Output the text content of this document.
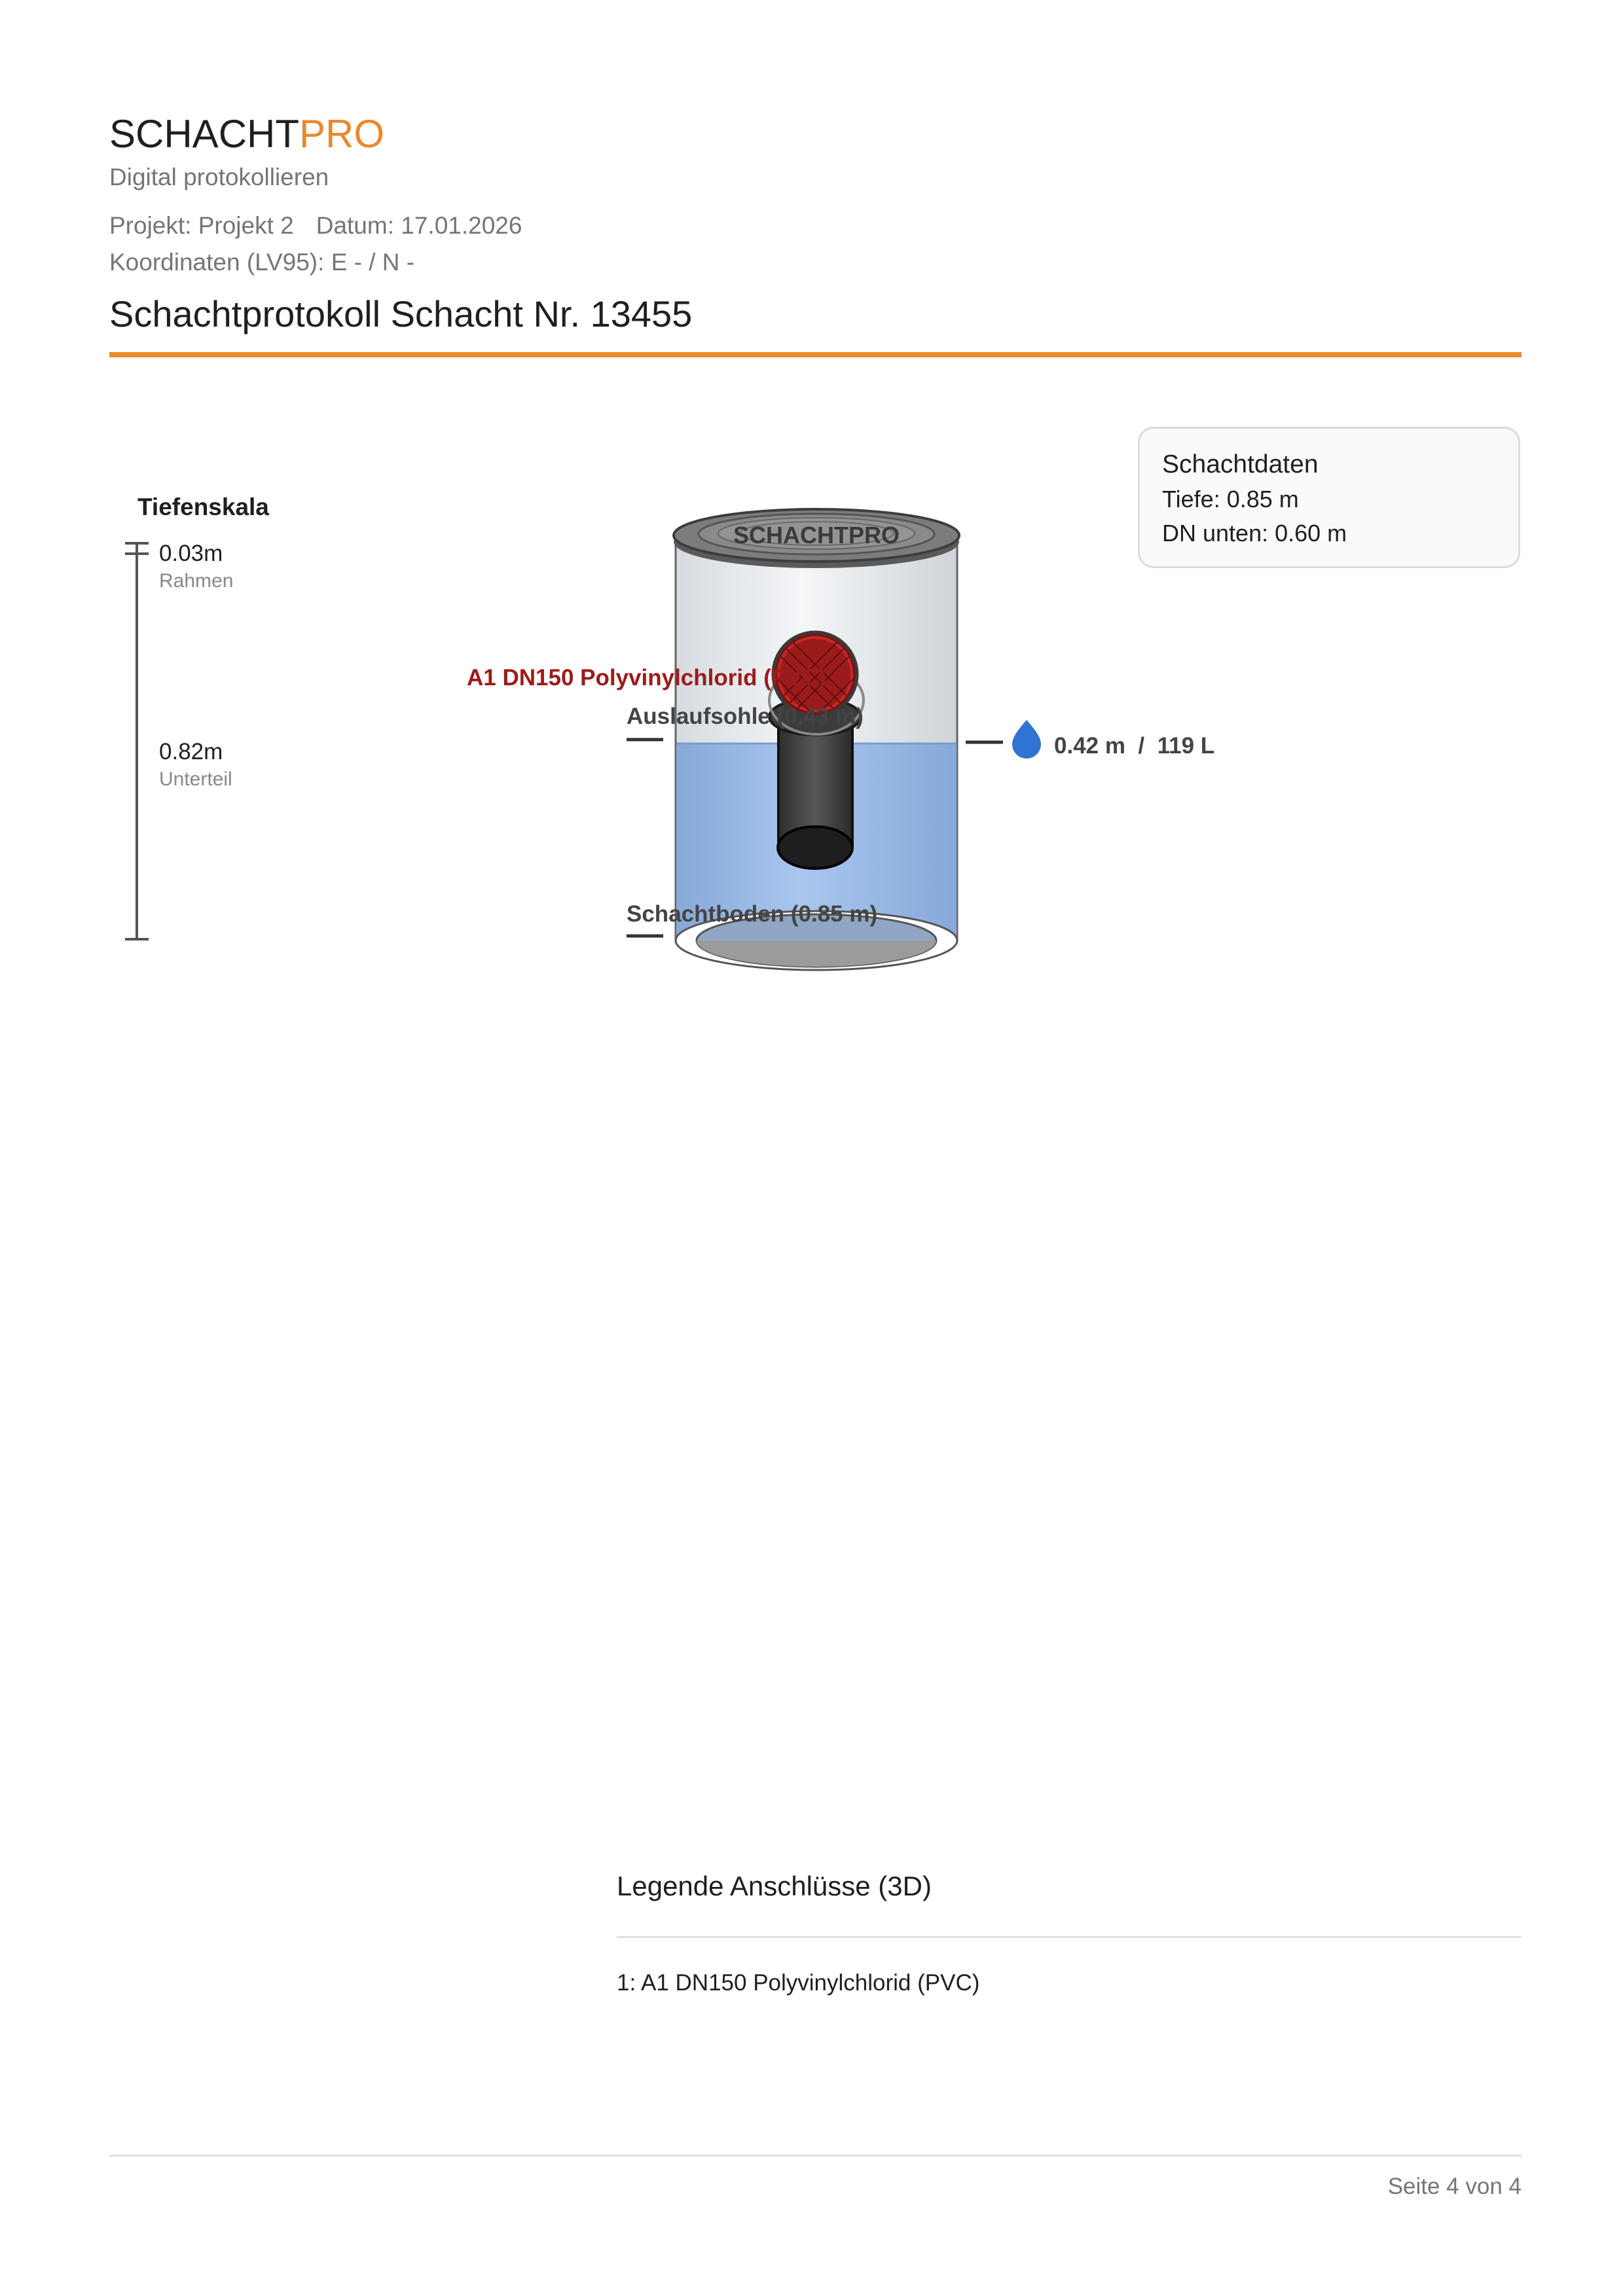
SCHACHTPRO
Digital protokollieren
Projekt: Projekt 2 Datum: 17.01.2026
Koordinaten (LV95): E - / N -
Schachtprotokoll Schacht Nr. 13455
Schachtdaten
Tiefe: 0.85 m
DN unten: 0.60 m
Tiefenskala
0.03m
Rahmen
0.82m
Unterteil
SCHACHTPRO
A1 DN150 Polyvinylchlorid (PVC)
Auslaufsohle (0.43 m)
Schachtboden (0.85 m)
0.42 m  /  119 L
Legende Anschlüsse (3D)
1: A1 DN150 Polyvinylchlorid (PVC)
Seite 4 von 4
